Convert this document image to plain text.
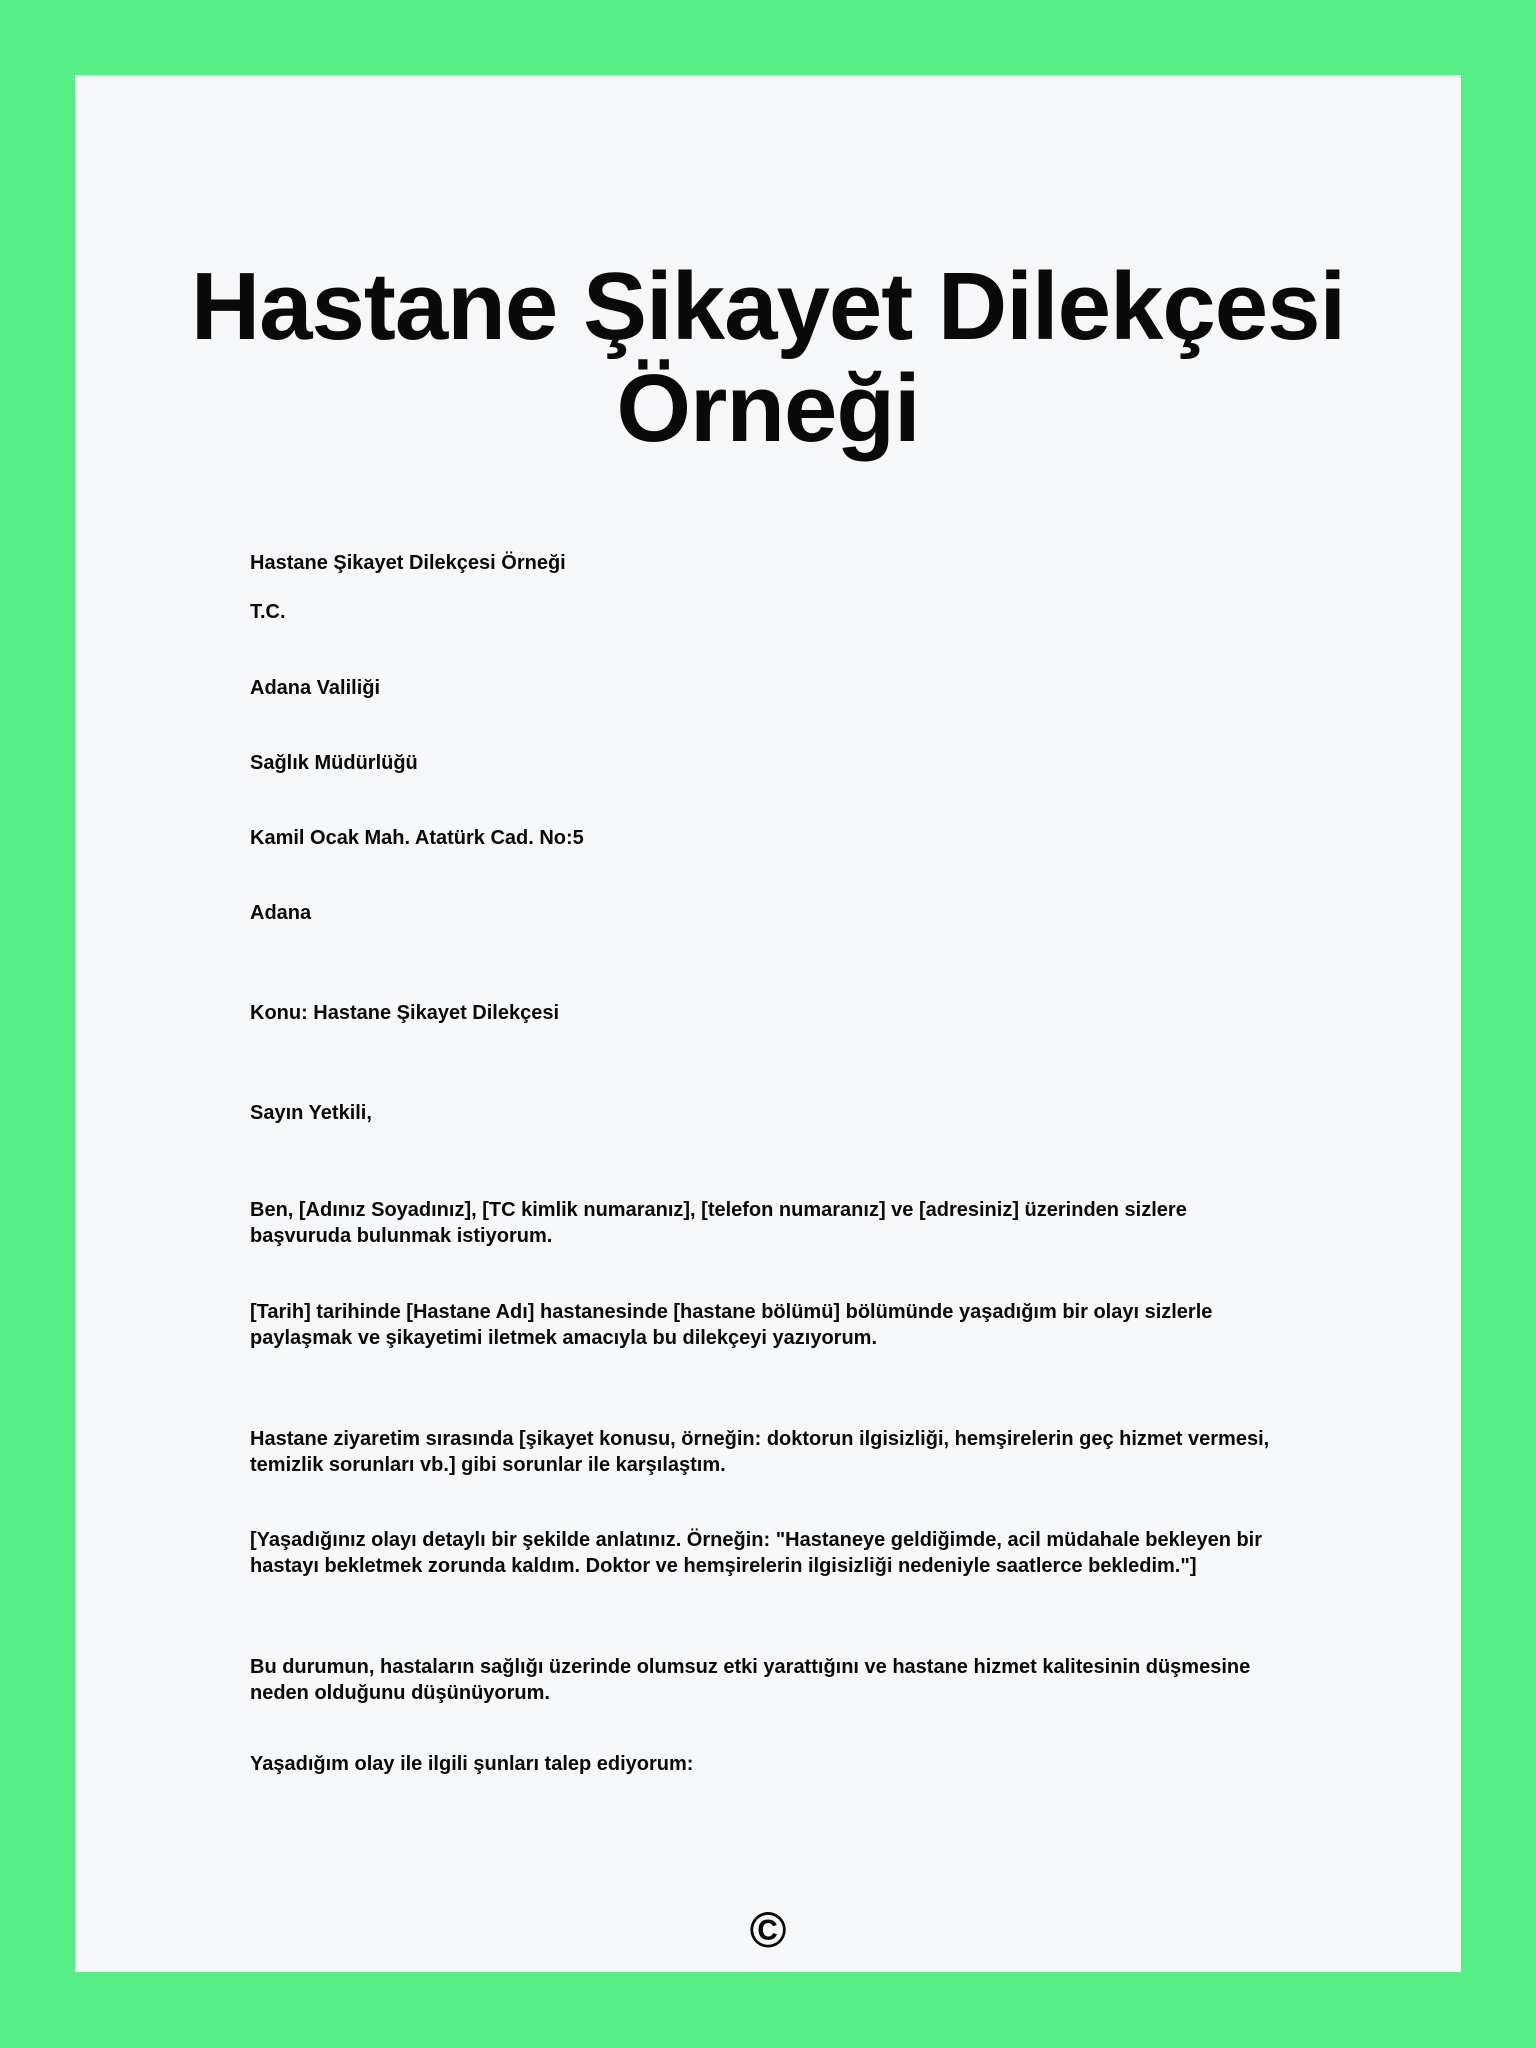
Hastane Şikayet Dilekçesi Örneği

Hastane Şikayet Dilekçesi Örneği

T.C.

Adana Valiliği

Sağlık Müdürlüğü

Kamil Ocak Mah. Atatürk Cad. No:5

Adana

Konu: Hastane Şikayet Dilekçesi

Sayın Yetkili,

Ben, [Adınız Soyadınız], [TC kimlik numaranız], [telefon numaranız] ve [adresiniz] üzerinden sizlere başvuruda bulunmak istiyorum.

[Tarih] tarihinde [Hastane Adı] hastanesinde [hastane bölümü] bölümünde yaşadığım bir olayı sizlerle paylaşmak ve şikayetimi iletmek amacıyla bu dilekçeyi yazıyorum.

Hastane ziyaretim sırasında [şikayet konusu, örneğin: doktorun ilgisizliği, hemşirelerin geç hizmet vermesi, temizlik sorunları vb.] gibi sorunlar ile karşılaştım.

[Yaşadığınız olayı detaylı bir şekilde anlatınız. Örneğin: "Hastaneye geldiğimde, acil müdahale bekleyen bir hastayı bekletmek zorunda kaldım. Doktor ve hemşirelerin ilgisizliği nedeniyle saatlerce bekledim."]

Bu durumun, hastaların sağlığı üzerinde olumsuz etki yarattığını ve hastane hizmet kalitesinin düşmesine neden olduğunu düşünüyorum.

Yaşadığım olay ile ilgili şunları talep ediyorum:

©
